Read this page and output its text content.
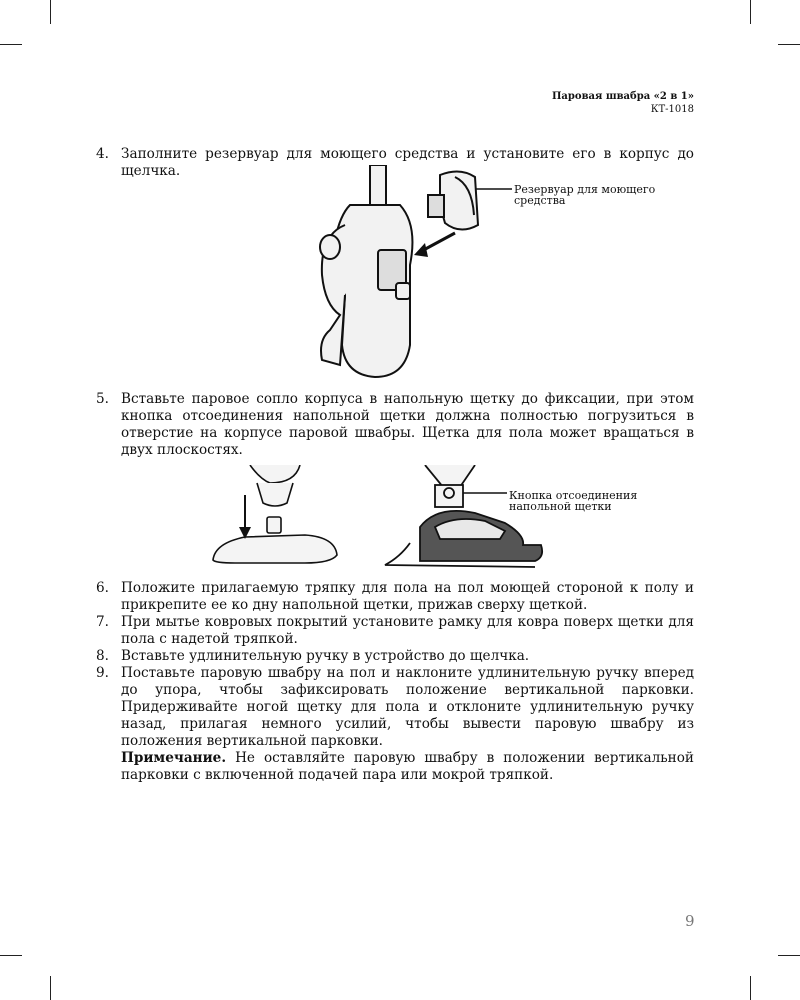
Паровая швабра «2 в 1»
КТ-1018
4. Заполните резервуар для моющего средства и установите его в корпус до щелчка.
Резервуар для моющего средства
5. Вставьте паровое сопло корпуса в напольную щетку до фиксации, при этом кнопка отсоединения напольной щетки должна полностью погрузиться в отверстие на корпусе паровой швабры. Щетка для пола может вращаться в двух плоскостях.
Кнопка отсоединения напольной щетки
6. Положите прилагаемую тряпку для пола на пол моющей стороной к полу и прикрепите ее ко дну напольной щетки, прижав сверху щеткой.
7. При мытье ковровых покрытий установите рамку для ковра поверх щетки для пола с надетой тряпкой.
8. Вставьте удлинительную ручку в устройство до щелчка.
9. Поставьте паровую швабру на пол и наклоните удлинительную ручку вперед до упора, чтобы зафиксировать положение вертикальной парковки. Придерживайте ногой щетку для пола и отклоните удлинительную ручку назад, прилагая немного усилий, чтобы вывести паровую швабру из положения вертикальной парковки.
Примечание. Не оставляйте паровую швабру в положении вертикальной парковки с включенной подачей пара или мокрой тряпкой.
9
